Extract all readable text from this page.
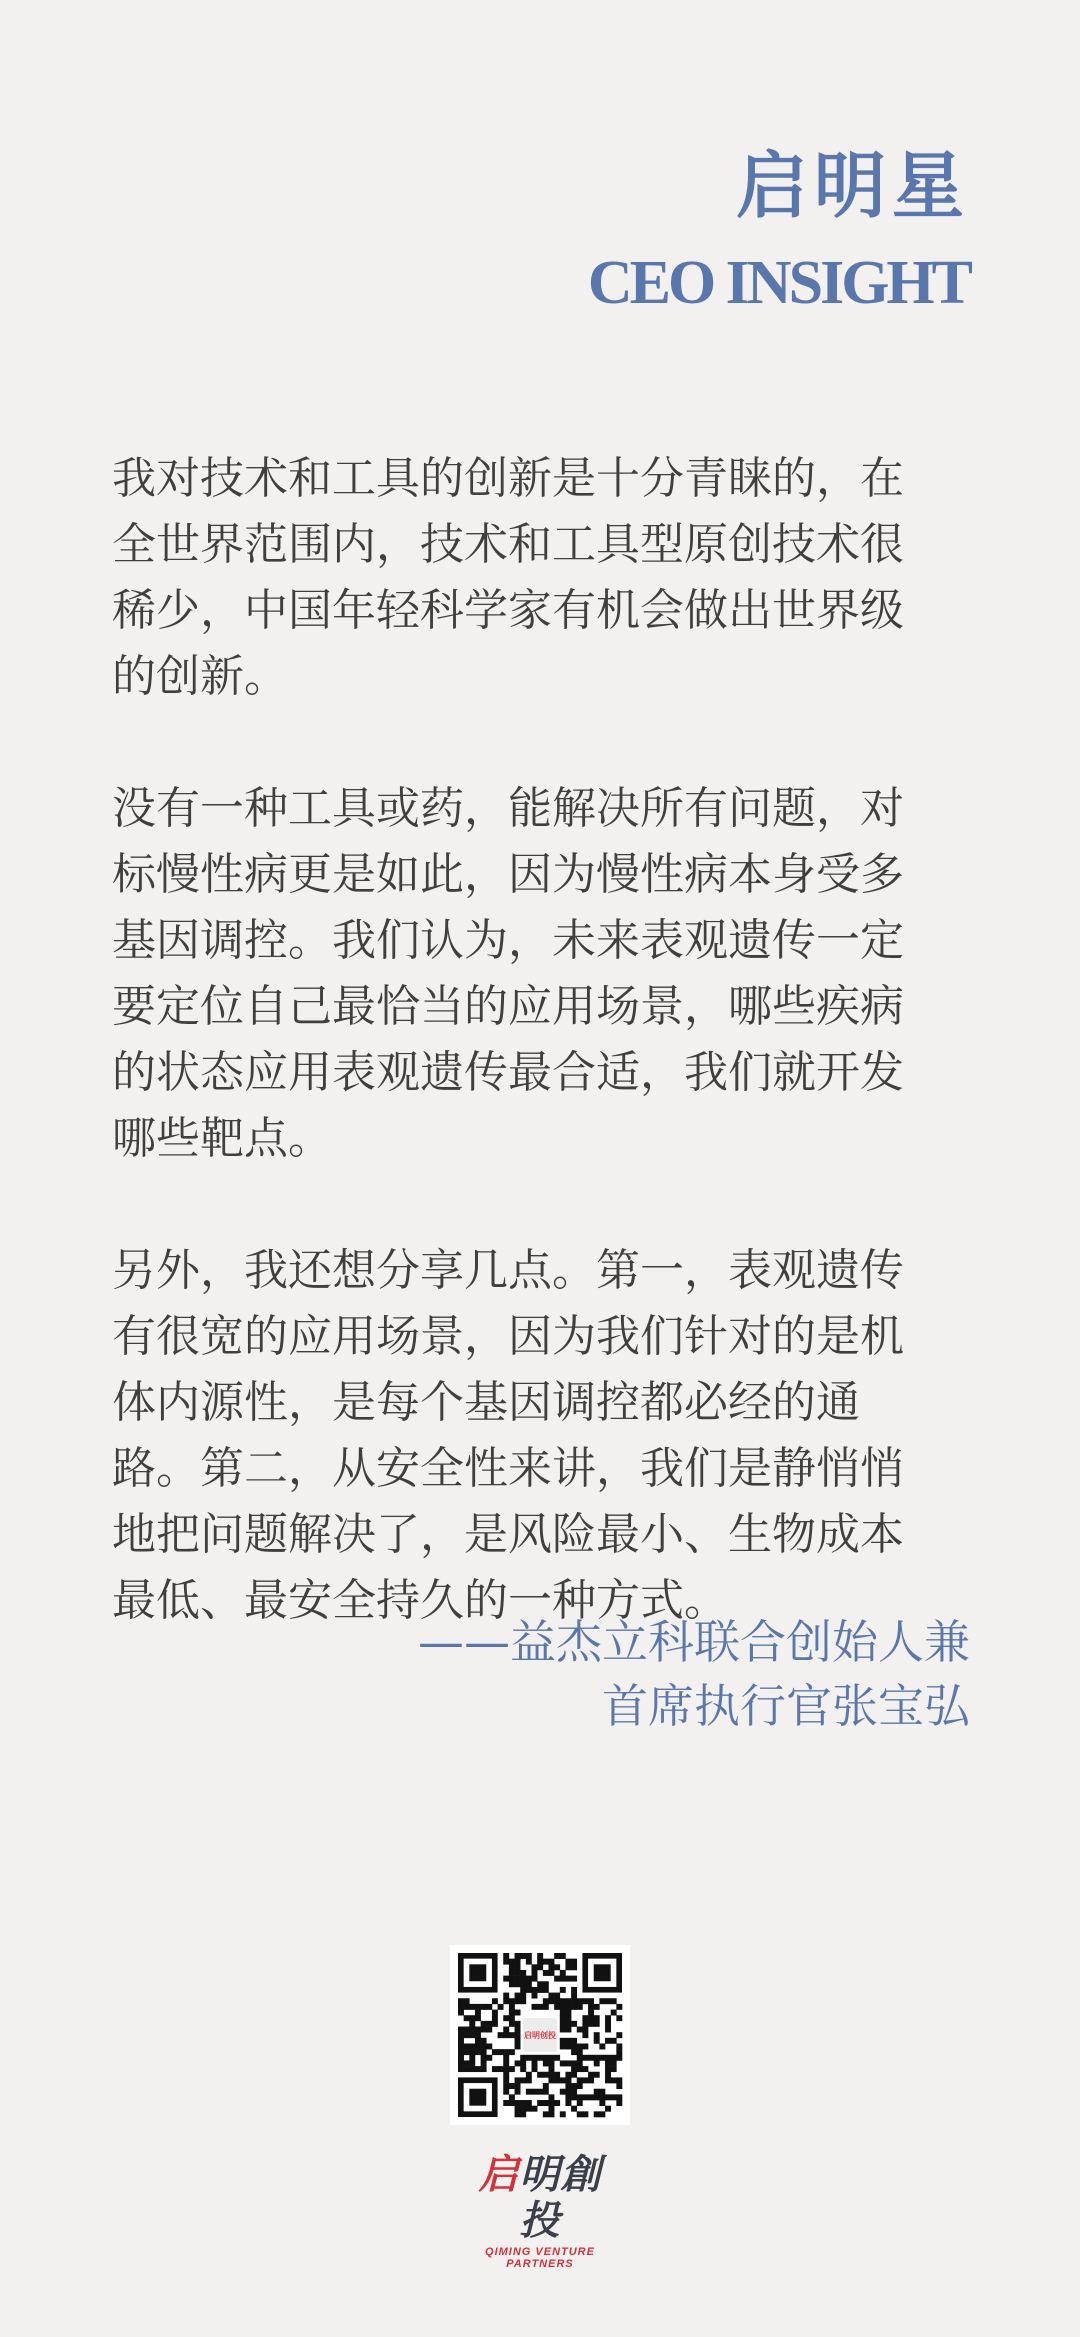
启明星
CEO INSIGHT

我对技术和工具的创新是十分青睐的，在
全世界范围内，技术和工具型原创技术很
稀少，中国年轻科学家有机会做出世界级
的创新。

没有一种工具或药，能解决所有问题，对
标慢性病更是如此，因为慢性病本身受多
基因调控。我们认为，未来表观遗传一定
要定位自己最恰当的应用场景，哪些疾病
的状态应用表观遗传最合适，我们就开发
哪些靶点。

另外，我还想分享几点。第一，表观遗传
有很宽的应用场景，因为我们针对的是机
体内源性，是每个基因调控都必经的通
路。第二，从安全性来讲，我们是静悄悄
地把问题解决了，是风险最小、生物成本
最低、最安全持久的一种方式。

——益杰立科联合创始人兼
首席执行官张宝弘
启明创投
启明創投
QIMING VENTURE PARTNERS
